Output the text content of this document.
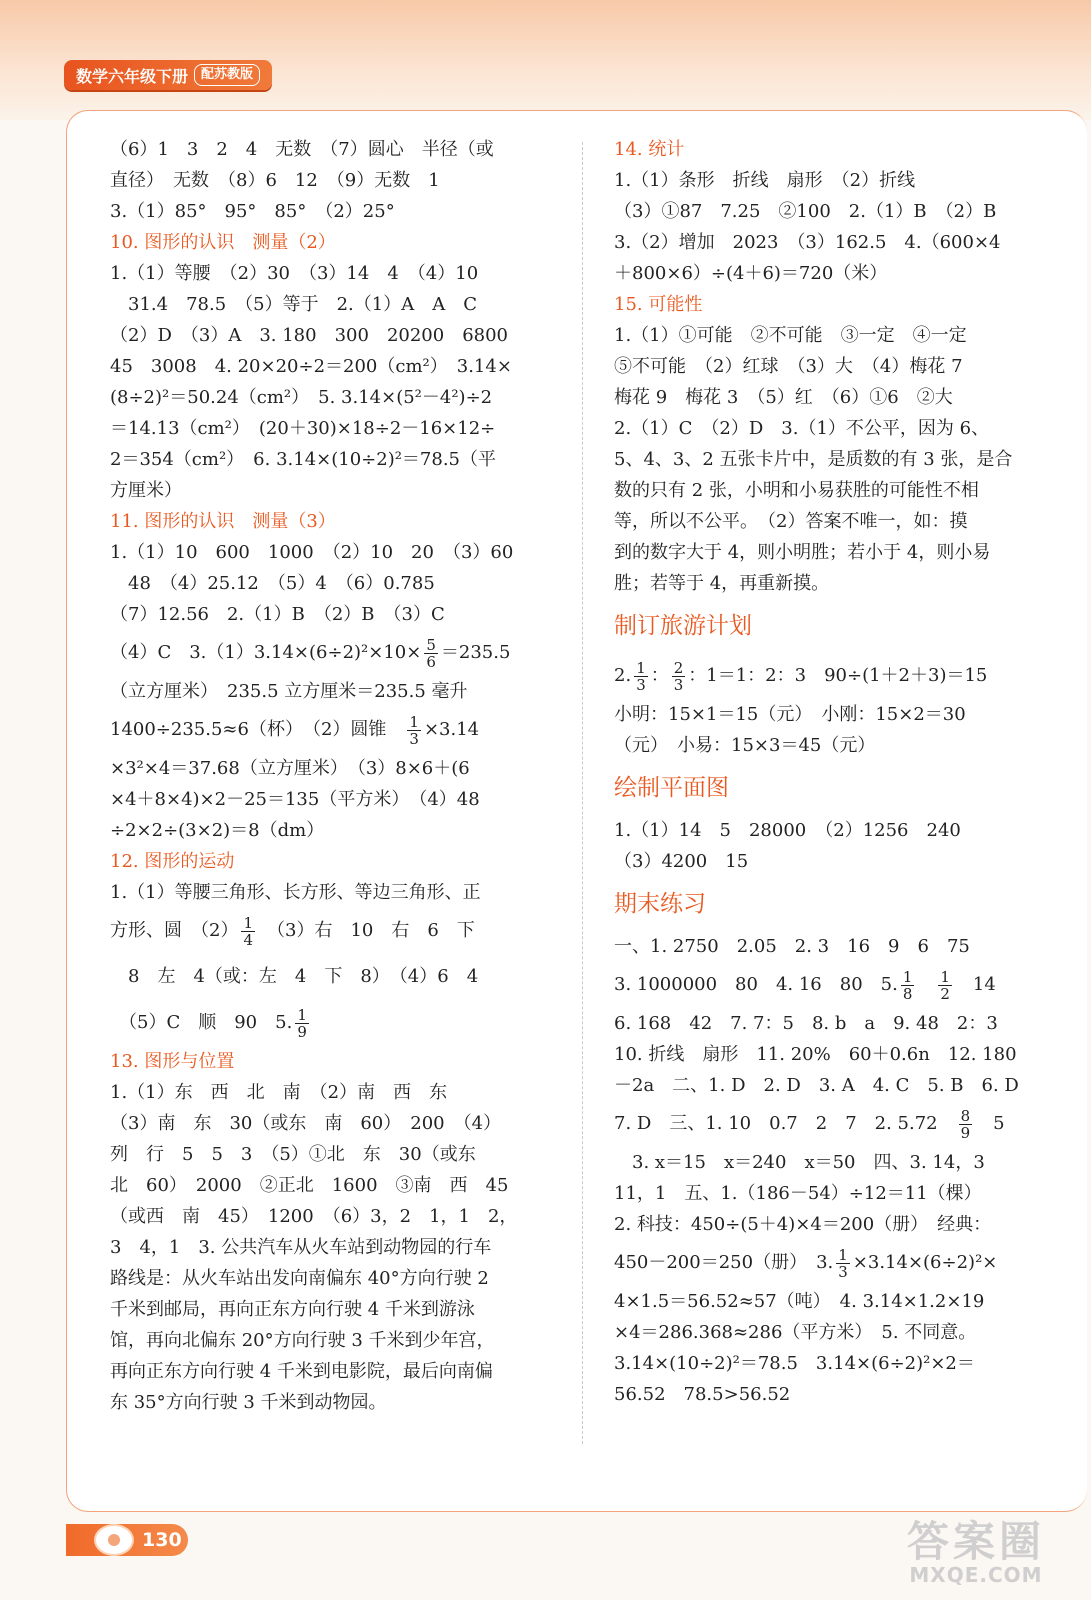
数学六年级下册	配苏教版
（6）1　3　2　4　无数　（7）圆心　半径（或
直径）　无数　（8）6　12　（9）无数　1
3.（1）85°　95°　85°　（2）25°
10. 图形的认识　测量（2）
1.（1）等腰　（2）30　（3）14　4　（4）10
　31.4　78.5　（5）等于　2.（1）A　A　C
（2）D　（3）A　3. 180　300　20200　6800
45　3008　4. 20×20÷2＝200（cm²）　3.14×
(8÷2)²＝50.24（cm²）　5. 3.14×(5²－4²)÷2
＝14.13（cm²）　(20＋30)×18÷2－16×12÷
2＝354（cm²）　6. 3.14×(10÷2)²＝78.5（平
方厘米）
11. 图形的认识　测量（3）
1.（1）10　600　1000　（2）10　20　（3）60
　48　（4）25.12　（5）4　（6）0.785
（7）12.56　2.（1）B　（2）B　（3）C
（4）C　$3.(1)3.14\times(6\div 2)^2\times 10\times \frac{5}{6} =235.5$
（立方厘米）　235.5 立方厘米＝235.5 毫升
1400÷235.5≈6（杯）　（2）圆锥　 $\frac{1}{3} \times 3.14$
×3²×4＝37.68（立方厘米）　（3）8×6＋(6
×4＋8×4)×2－25＝135（平方米）　（4）48
÷2×2÷(3×2)＝8（dm）
12. 图形的运动
1.（1）等腰三角形、长方形、等边三角形、正
方形、圆　$(2) \frac{1}{4}$ 　（3）右　10　右　6　下
　8　左　4（或：左　4　下　8）　（4）6　4
　（5）C　顺　90　5. $\frac{1}{9}$
13. 图形与位置
1.（1）东　西　北　南　（2）南　西　东
（3）南　东　30（或东　南　60）　200　（4）
列　行　5　5　3　（5）①北　东　30（或东
北　60）　2000　②正北　1600　③南　西　45
（或西　南　45）　1200　（6）3，2　1，1　2，
3　4，1　3. 公共汽车从火车站到动物园的行车
路线是：从火车站出发向南偏东 40°方向行驶 2
千米到邮局，再向正东方向行驶 4 千米到游泳
馆，再向北偏东 20°方向行驶 3 千米到少年宫，
再向正东方向行驶 4 千米到电影院，最后向南偏
东 35°方向行驶 3 千米到动物园。
14. 统计
1.（1）条形　折线　扇形　（2）折线
（3）①87　7.25　②100　2.（1）B　（2）B
3.（2）增加　2023　（3）162.5　4.（600×4
＋800×6）÷(4＋6)＝720（米）
15. 可能性
1.（1）①可能　②不可能　③一定　④一定
⑤不可能　（2）红球　（3）大　（4）梅花 7
梅花 9　梅花 3　（5）红　（6）①6　②大
2.（1）C　（2）D　3.（1）不公平，因为 6、
5、4、3、2 五张卡片中，是质数的有 3 张，是合
数的只有 2 张，小明和小易获胜的可能性不相
等，所以不公平。　（2）答案不唯一，如：摸
到的数字大于 4，则小明胜；若小于 4，则小易
胜；若等于 4，再重新摸。
制订旅游计划
2. $\frac{1}{3}$ ： $\frac{2}{3}$ ：1＝1：2：3　90÷(1＋2＋3)＝15
小明：15×1＝15（元）　小刚：15×2＝30
（元）　小易：15×3＝45（元）
绘制平面图
1.（1）14　5　28000　（2）1256　240
（3）4200　15
期末练习
一、1. 2750　2.05　2. 3　16　9　6　75
3. 1000000　80　4. 16　80　5. $\frac{1}{8}$
　 $\frac{1}{2}$ 　14
6. 168　42　7. 7：5　8. b　a　9. 48　2：3
10. 折线　扇形　11. 20%　60＋0.6n　12. 180
－2a　二、1. D　2. D　3. A　4. C　5. B　6. D
7. D　三、1. 10　0.7　2　7　2. 5.72　 $\frac{8}{9}$ 　5
　3. x＝15　x＝240　x＝50　四、3. 14，3
11，1　五、1.（186－54）÷12＝11（棵）
2. 科技：450÷(5＋4)×4＝200（册）　经典：
450－200＝250（册）　3. $\frac{1}{3} \times 3.14\times(6\div 2)^2\times$
4×1.5＝56.52≈57（吨）　4. 3.14×1.2×19
×4＝286.368≈286（平方米）　5. 不同意。
3.14×(10÷2)²＝78.5　3.14×(6÷2)²×2＝
56.52　78.5>56.52
130	答案圈
MXQE.COM
